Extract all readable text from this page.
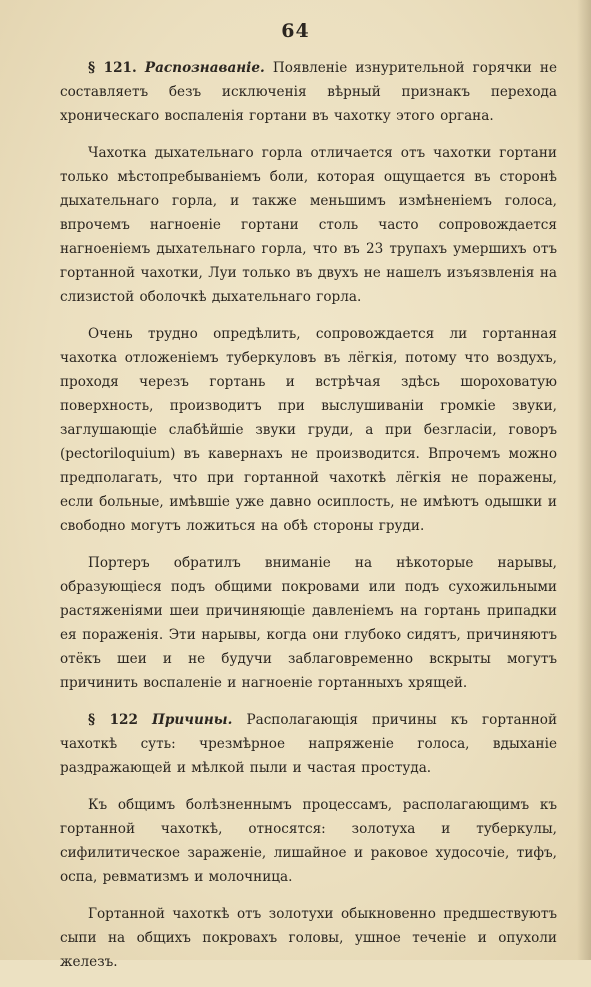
64

§ 121. Распознаваніе. Появленіе изнурительной горячки не составляетъ безъ исключенія вѣрный признакъ перехода хроническаго воспаленія гортани въ чахотку этого органа.

Чахотка дыхательнаго горла отличается отъ чахотки гортани только мѣстопребываніемъ боли, которая ощущается въ сторонѣ дыхательнаго горла, и также меньшимъ измѣненіемъ голоса, впрочемъ нагноеніе гортани столь часто сопровождается нагноеніемъ дыхательнаго горла, что въ 23 трупахъ умершихъ отъ гортанной чахотки, Луи только въ двухъ не нашелъ изъязвленія на слизистой оболочкѣ дыхательнаго горла.

Очень трудно опредѣлить, сопровождается ли гортанная чахотка отложеніемъ туберкуловъ въ лёгкія, потому что воздухъ, проходя черезъ гортань и встрѣчая здѣсь шороховатую поверхность, производитъ при выслушиваніи громкіе звуки, заглушающіе слабѣйшіе звуки груди, а при безгласіи, говоръ (pectoriloquium) въ кавернахъ не производится. Впрочемъ можно предполагать, что при гортанной чахоткѣ лёгкія не поражены, если больные, имѣвшіе уже давно осиплость, не имѣютъ одышки и свободно могутъ ложиться на обѣ стороны груди.

Портеръ обратилъ вниманіе на нѣкоторые нарывы, образующіеся подъ общими покровами или подъ сухожильными растяженіями шеи причиняющіе давленіемъ на гортань припадки ея пораженія. Эти нарывы, когда они глубоко сидятъ, причиняютъ отёкъ шеи и не будучи заблаговременно вскрыты могутъ причинить воспаленіе и нагноеніе гортанныхъ хрящей.

§ 122 Причины. Располагающія причины къ гортанной чахоткѣ суть: чрезмѣрное напряженіе голоса, вдыханіе раздражающей и мѣлкой пыли и частая простуда.

Къ общимъ болѣзненнымъ процессамъ, располагающимъ къ гортанной чахоткѣ, относятся: золотуха и туберкулы, сифилитическое зараженіе, лишайное и раковое худосочіе, тифъ, оспа, ревматизмъ и молочница.

Гортанной чахоткѣ отъ золотухи обыкновенно предшествуютъ сыпи на общихъ покровахъ головы, ушное теченіе и опухоли железъ.
